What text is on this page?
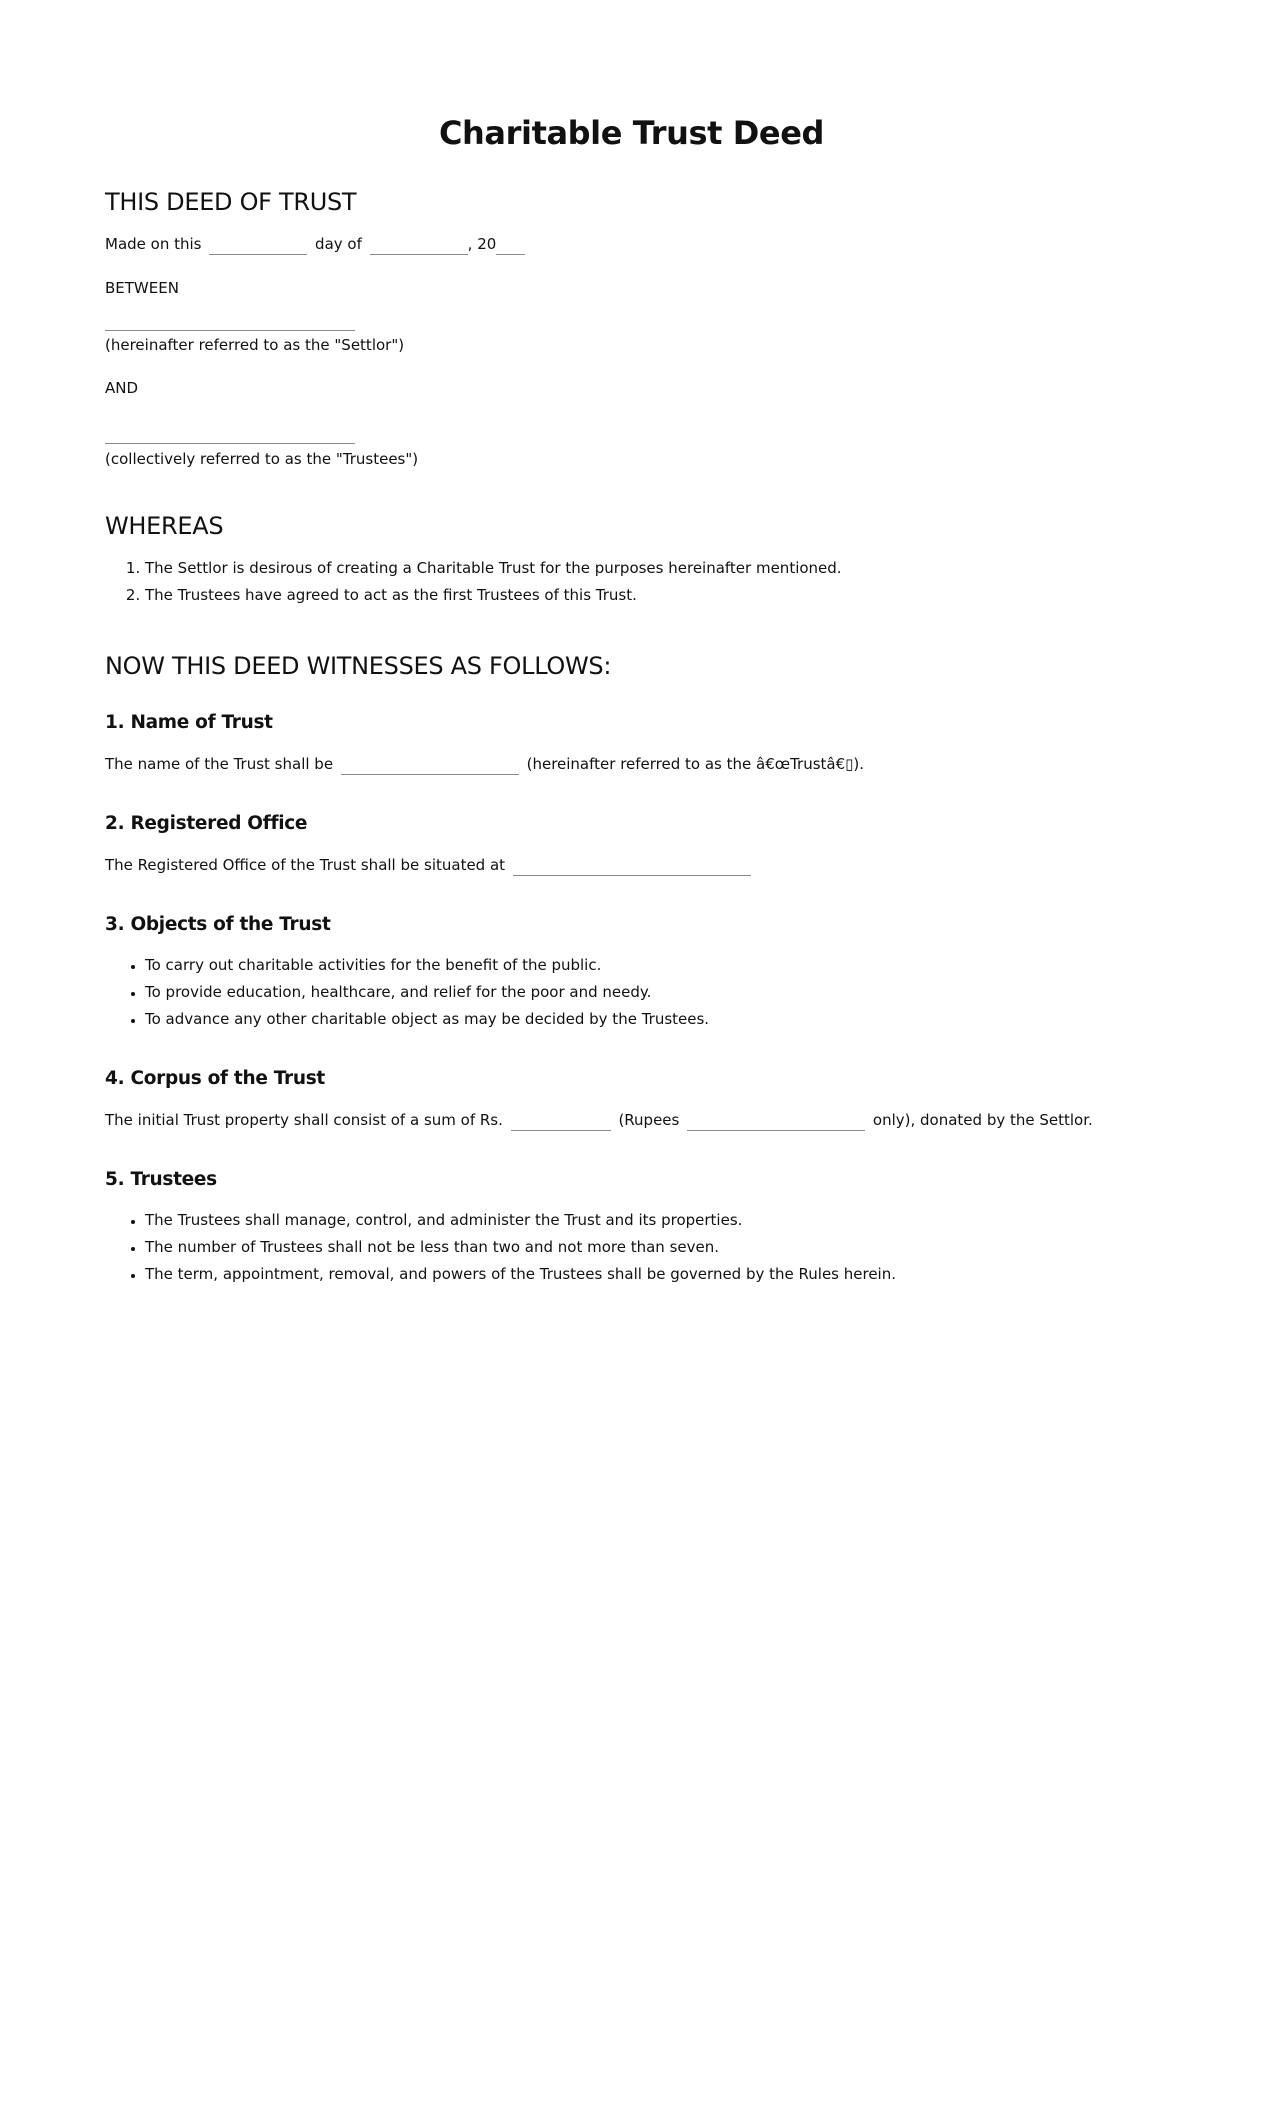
Charitable Trust Deed
THIS DEED OF TRUST

Made on this	day of	, 20

BETWEEN

(hereinafter referred to as the "Settlor")

AND

(collectively referred to as the "Trustees")

WHEREAS
1. The Settlor is desirous of creating a Charitable Trust for the purposes hereinafter mentioned.
2. The Trustees have agreed to act as the first Trustees of this Trust.
NOW THIS DEED WITNESSES AS FOLLOWS:
1. Name of Trust

The name of the Trust shall be	(hereinafter referred to as the â€œTrustâ€▯).

2. Registered Office

The Registered Office of the Trust shall be situated at

3. Objects of the Trust
• To carry out charitable activities for the benefit of the public.
• To provide education, healthcare, and relief for the poor and needy.
• To advance any other charitable object as may be decided by the Trustees.
4. Corpus of the Trust

The initial Trust property shall consist of a sum of Rs.	(Rupees	only), donated by the Settlor.

5. Trustees
• The Trustees shall manage, control, and administer the Trust and its properties.
• The number of Trustees shall not be less than two and not more than seven.
• The term, appointment, removal, and powers of the Trustees shall be governed by the Rules herein.
